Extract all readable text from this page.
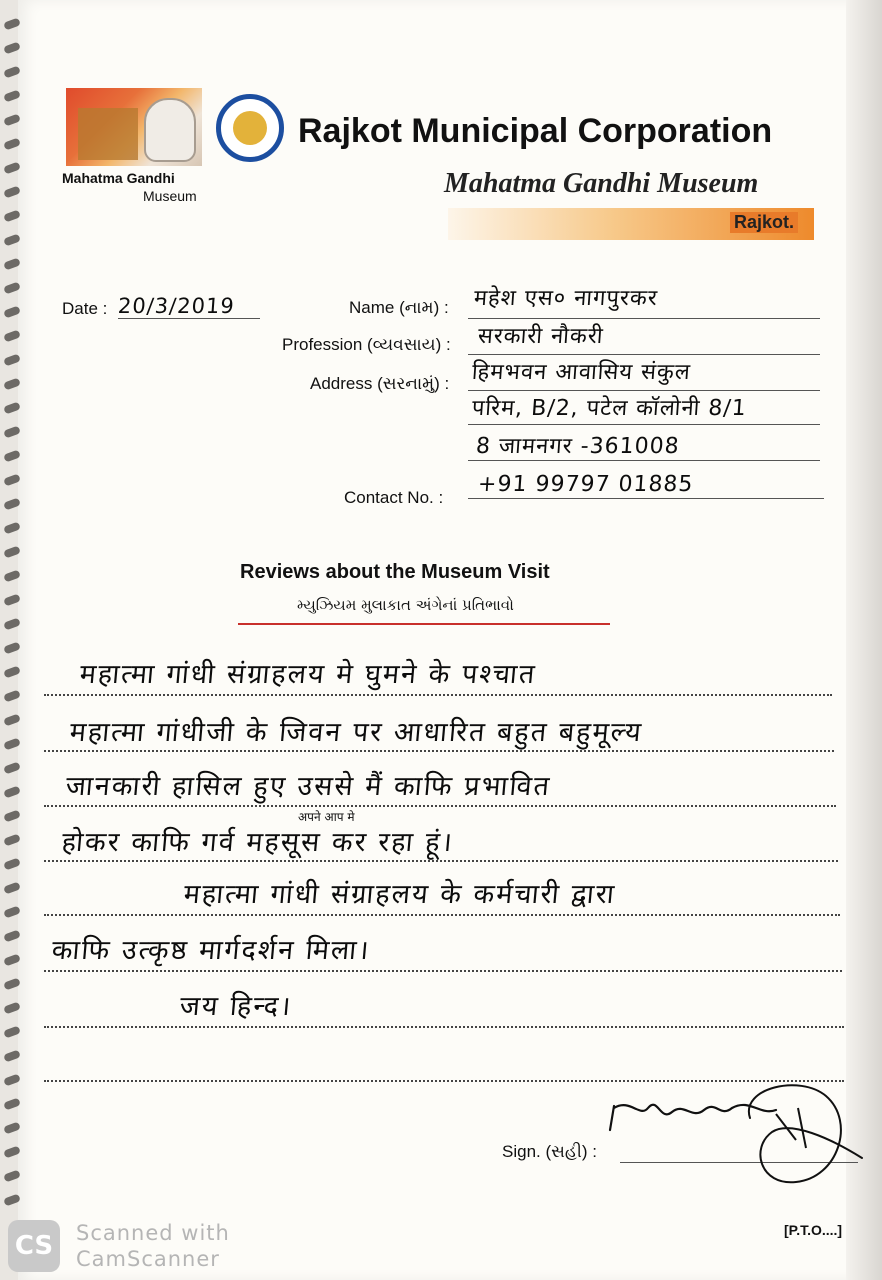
Mahatma Gandhi
Museum
Rajkot Municipal Corporation
Mahatma Gandhi Museum
Rajkot.
Date : 20/3/2019	Name (નામ) : महेश एस० नागपुरकर
Profession (વ્યવસાય) : सरकारी नौकरी
Address (સરનામું) : हिमभवन आवासिय संकुल
परिम, B/2, पटेल कॉलोनी 8/1
8 जामनगर -361008
Contact No. :
+91 99797 01885
Reviews about the Museum Visit
મ્યુઝિયમ મુલાકાત અંગેનાં પ્રતિભાવો
महात्मा गांधी संग्राहलय मे घुमने के पश्चात
महात्मा गांधीजी के जिवन पर आधारित बहुत बहुमूल्य
जानकारी हासिल हुए उससे मैं काफि प्रभावित
अपने आप मे
होकर काफि गर्व महसूस कर रहा हूं।
महात्मा गांधी संग्राहलय के कर्मचारी द्वारा
काफि उत्कृष्ठ मार्गदर्शन मिला।
जय हिन्द।
Sign. (સહી) :
[P.T.O....]
CS	Scanned with
CamScanner
